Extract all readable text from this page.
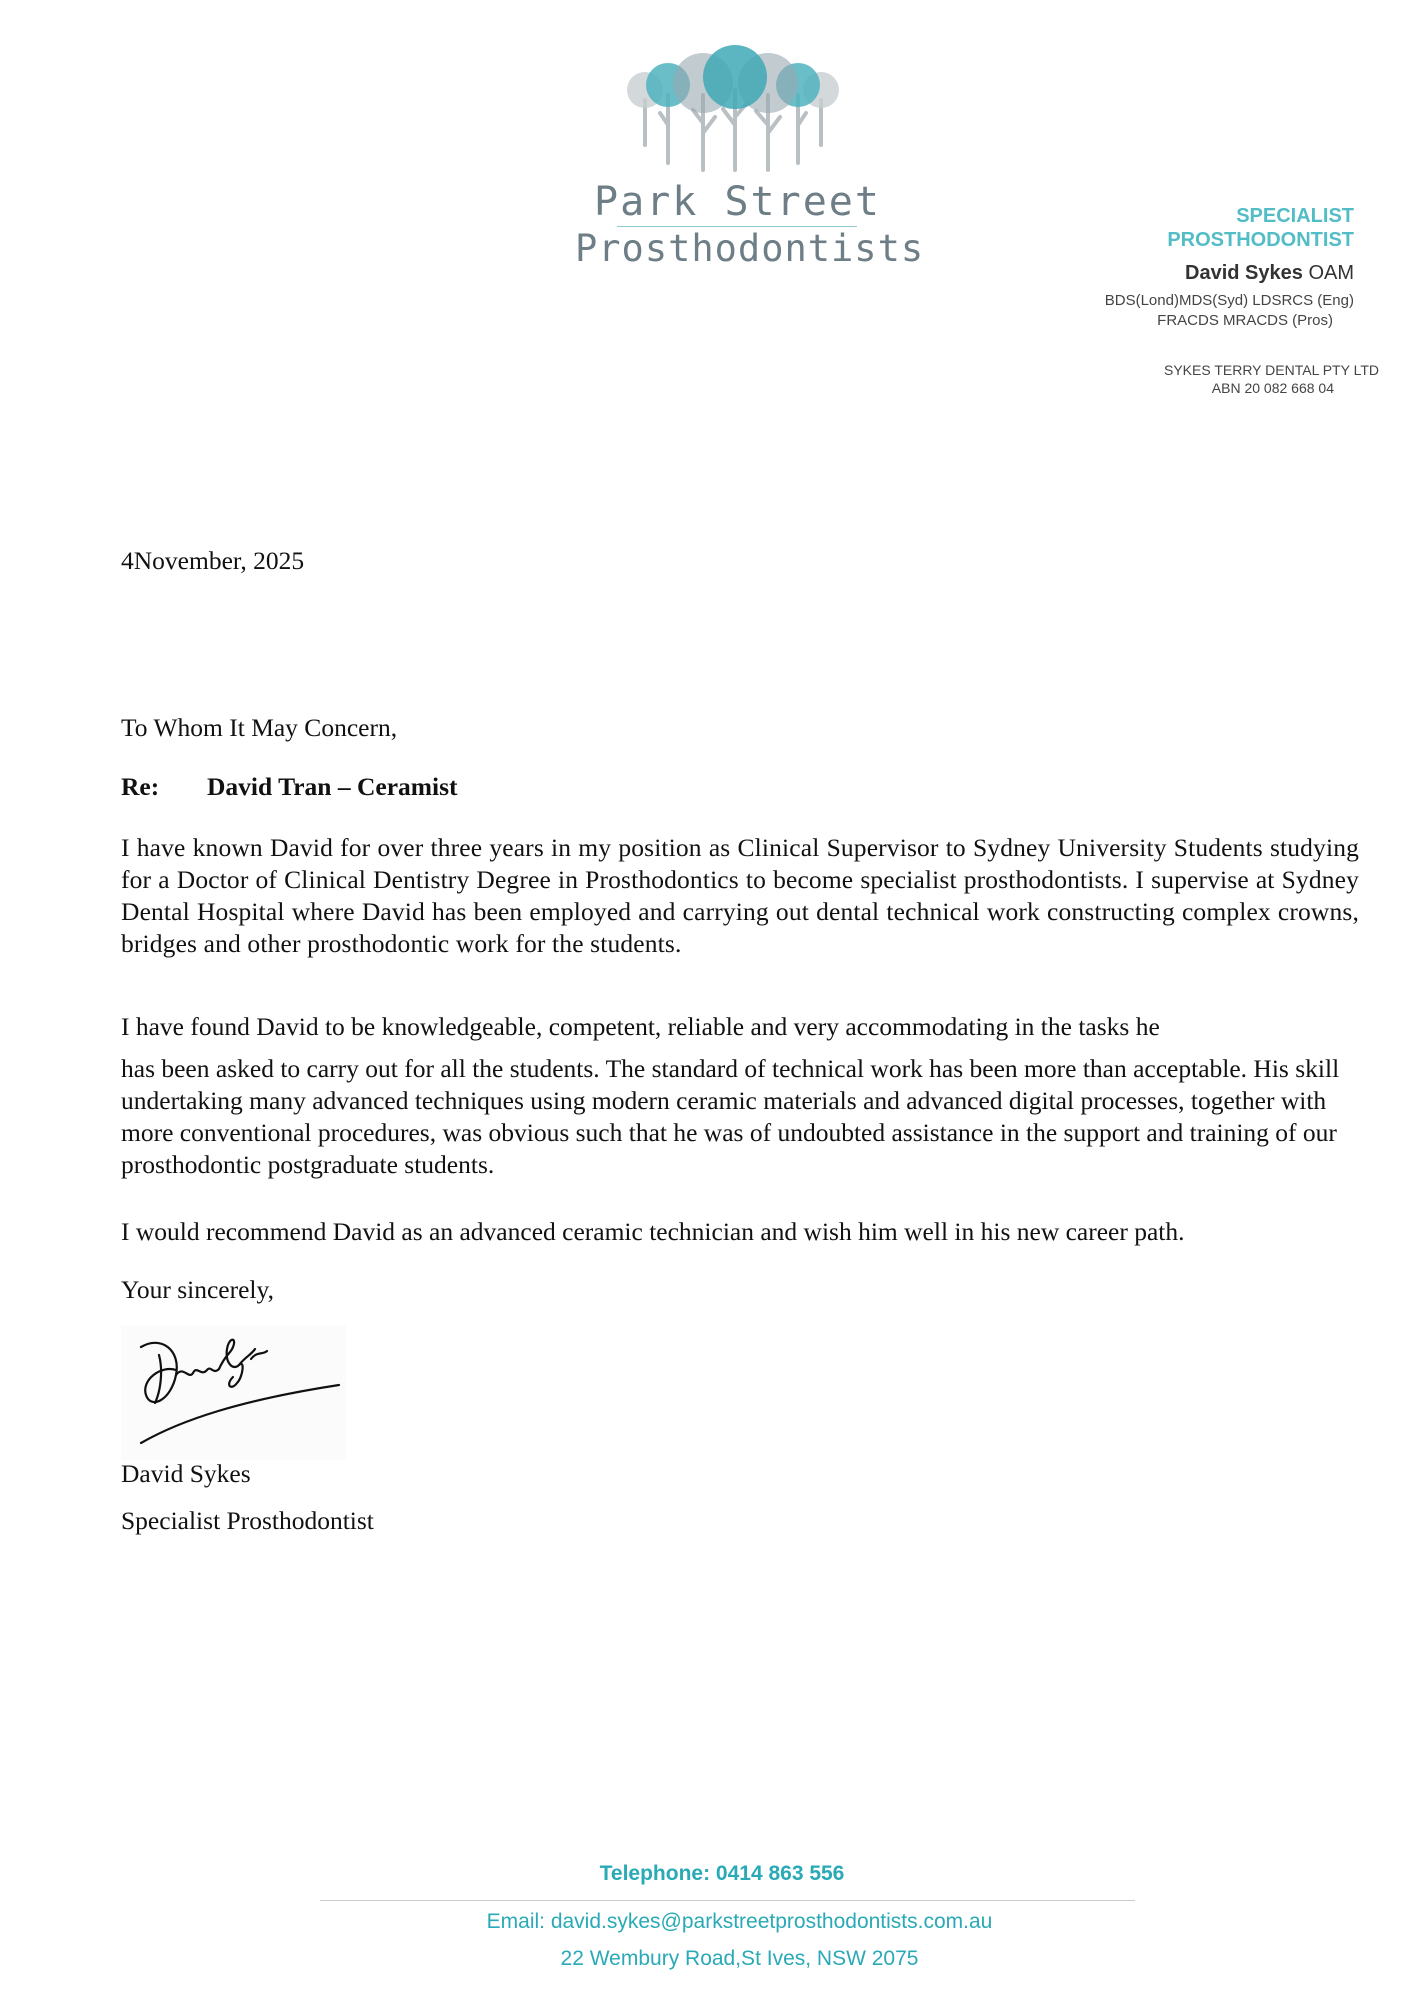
Park Street
Prosthodontists
SPECIALIST
PROSTHODONTIST
David Sykes OAM
BDS(Lond)MDS(Syd) LDSRCS (Eng)
FRACDS MRACDS (Pros)
SYKES TERRY DENTAL PTY LTD
ABN 20 082 668 04
4November, 2025
To Whom It May Concern,
Re: David Tran – Ceramist
I have known David for over three years in my position as Clinical Supervisor to Sydney University Students studying for a Doctor of Clinical Dentistry Degree in Prosthodontics to become specialist prosthodontists. I supervise at Sydney Dental Hospital where David has been employed and carrying out dental technical work constructing complex crowns, bridges and other prosthodontic work for the students.
I have found David to be knowledgeable, competent, reliable and very accommodating in the tasks he
has been asked to carry out for all the students. The standard of technical work has been more than acceptable. His skill undertaking many advanced techniques using modern ceramic materials and advanced digital processes, together with more conventional procedures, was obvious such that he was of undoubted assistance in the support and training of our prosthodontic postgraduate students.
I would recommend David as an advanced ceramic technician and wish him well in his new career path.
Your sincerely,
David Sykes
Specialist Prosthodontist
Telephone: 0414 863 556
Email: david.sykes@parkstreetprosthodontists.com.au
22 Wembury Road,St Ives, NSW 2075
